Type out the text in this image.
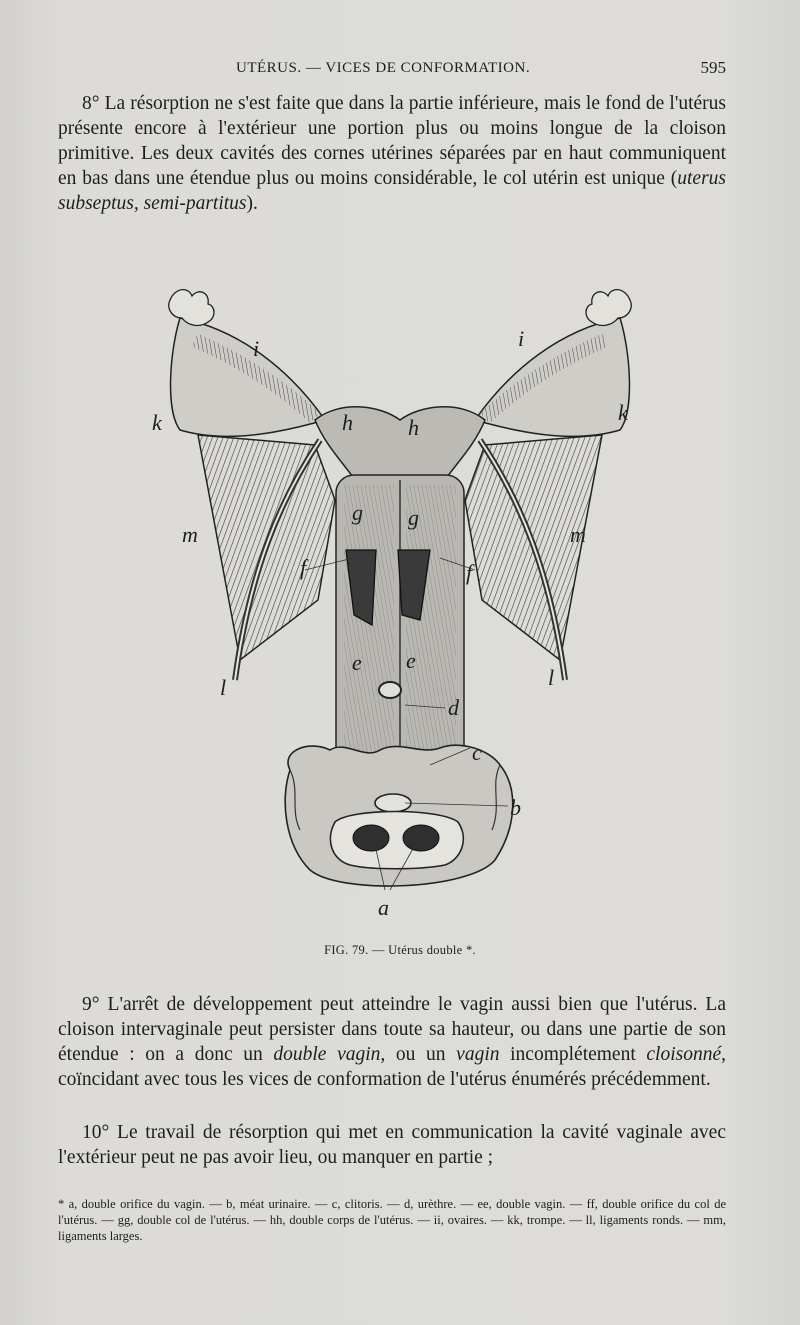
UTÉRUS. — VICES DE CONFORMATION.	595
8° La résorption ne s'est faite que dans la partie inférieure, mais le fond de l'utérus présente encore à l'extérieur une portion plus ou moins longue de la cloison primitive. Les deux cavités des cornes utérines séparées par en haut communiquent en bas dans une étendue plus ou moins considérable, le col utérin est unique (uterus subseptus, semi-partitus).
i	i
k	k
h	h
g g
m	m
f	f
e e
l	l
d
c
b
a
FIG. 79. — Utérus double *.
9° L'arrêt de développement peut atteindre le vagin aussi bien que l'utérus. La cloison intervaginale peut persister dans toute sa hauteur, ou dans une partie de son étendue : on a donc un double vagin, ou un vagin incomplétement cloisonné, coïncidant avec tous les vices de conformation de l'utérus énumérés précédemment.
10° Le travail de résorption qui met en communication la cavité vaginale avec l'extérieur peut ne pas avoir lieu, ou manquer en partie ;
* a, double orifice du vagin. — b, méat urinaire. — c, clitoris. — d, urèthre. — ee, double vagin. — ff, double orifice du col de l'utérus. — gg, double col de l'utérus. — hh, double corps de l'utérus. — ii, ovaires. — kk, trompe. — ll, ligaments ronds. — mm, ligaments larges.
